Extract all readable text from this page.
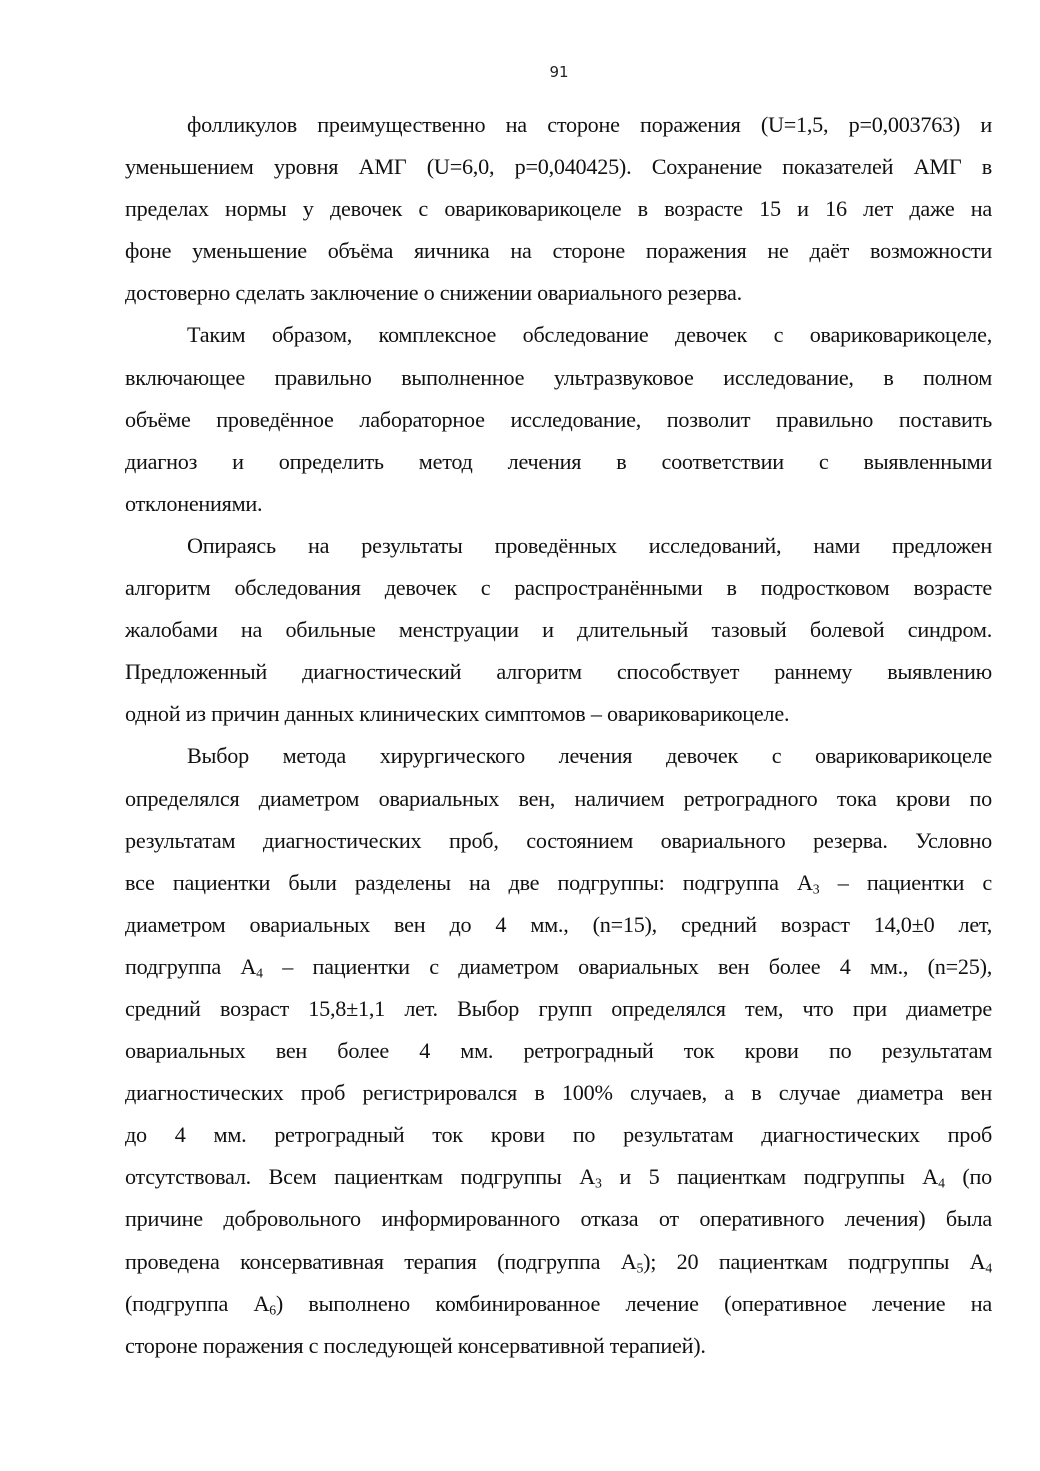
91

фолликулов преимущественно на стороне поражения (U=1,5, p=0,003763) и
уменьшением уровня АМГ (U=6,0, p=0,040425). Сохранение показателей АМГ в
пределах нормы у девочек с овариковарикоцеле в возрасте 15 и 16 лет даже на
фоне уменьшение объёма яичника на стороне поражения не даёт возможности
достоверно сделать заключение о снижении овариального резерва.

Таким образом, комплексное обследование девочек с овариковарикоцеле,
включающее правильно выполненное ультразвуковое исследование, в полном
объёме проведённое лабораторное исследование, позволит правильно поставить
диагноз и определить метод лечения в соответствии с выявленными
отклонениями.

Опираясь на результаты проведённых исследований, нами предложен
алгоритм обследования девочек с распространёнными в подростковом возрасте
жалобами на обильные менструации и длительный тазовый болевой синдром.
Предложенный диагностический алгоритм способствует раннему выявлению
одной из причин данных клинических симптомов – овариковарикоцеле.

Выбор метода хирургического лечения девочек с овариковарикоцеле
определялся диаметром овариальных вен, наличием ретроградного тока крови по
результатам диагностических проб, состоянием овариального резерва. Условно
все пациентки были разделены на две подгруппы: подгруппа $А_3$ – пациентки с
диаметром овариальных вен до 4 мм., (n=15), средний возраст 14,0±0 лет,
подгруппа $А_4$ – пациентки с диаметром овариальных вен более 4 мм., (n=25),
средний возраст 15,8±1,1 лет. Выбор групп определялся тем, что при диаметре
овариальных вен более 4 мм. ретроградный ток крови по результатам
диагностических проб регистрировался в 100% случаев, а в случае диаметра вен
до 4 мм. ретроградный ток крови по результатам диагностических проб
отсутствовал. Всем пациенткам подгруппы $А_3$ и 5 пациенткам подгруппы $А_4$ (по
причине добровольного информированного отказа от оперативного лечения) была
проведена консервативная терапия (подгруппа $А_5$); 20 пациенткам подгруппы $А_4$
(подгруппа $А_6$) выполнено комбинированное лечение (оперативное лечение на
стороне поражения с последующей консервативной терапией).
